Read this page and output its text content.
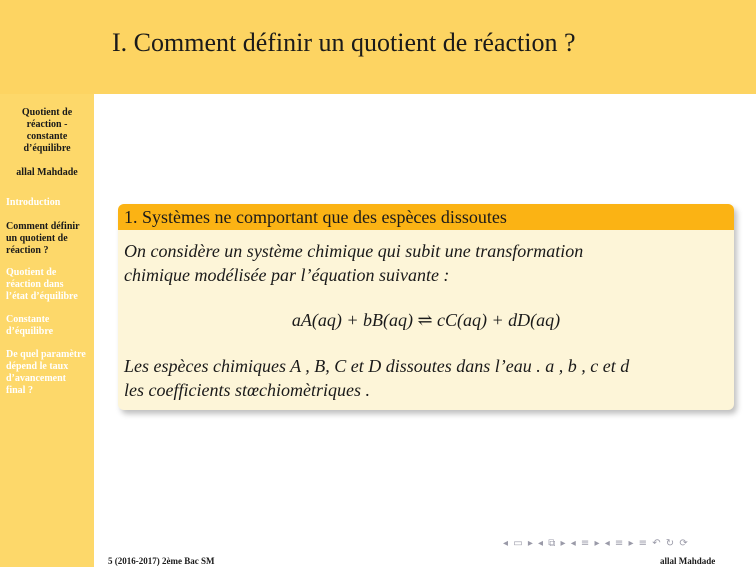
I. Comment définir un quotient de réaction ?
Quotient de
réaction -
constante
d’équilibre
allal Mahdade
Introduction
Comment définir
un quotient de
réaction ?
Quotient de
réaction dans
l’état d’équilibre
Constante
d’équilibre
De quel paramètre
dépend le taux
d’avancement
final ?
1. Systèmes ne comportant que des espèces dissoutes
On considère un système chimique qui subit une transformation
chimique modélisée par l’équation suivante :
aA(aq) + bB(aq) ⇌ cC(aq) + dD(aq)
Les espèces chimiques A , B, C et D dissoutes dans l’eau . a , b , c et d
les coefficients stœchiomètriques .
◂ ▭ ▸ ◂ ⧉ ▸ ◂ ≡ ▸ ◂ ≡ ▸ ≡ ↶ ↻ ⟳
5 (2016-2017) 2ème Bac SM	allal Mahdade
